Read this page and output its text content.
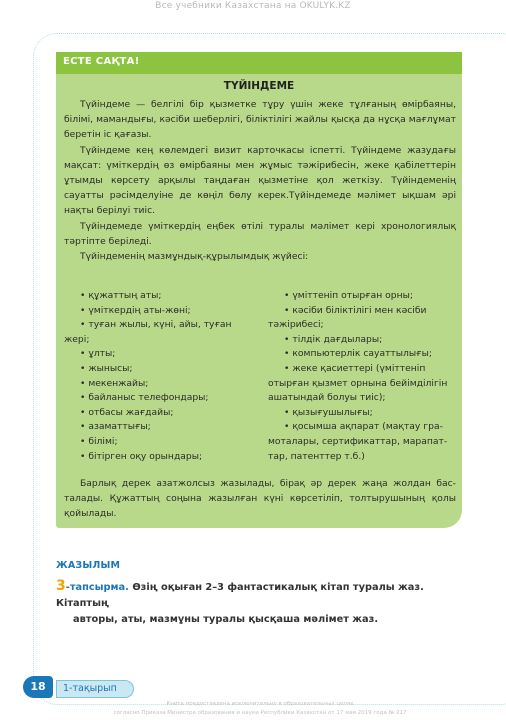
Все учебники Казахстана на OKULYK.KZ
ЕСТЕ САҚТА!
ТҮЙІНДЕМЕ

Түйіндеме — белгілі бір қызметке тұру үшін жеке тұлғаның өмірбаяны, білімі, мамандығы, кәсіби шеберлігі, біліктілігі жайлы қысқа да нұсқа мағлұмат беретін іс қағазы.

Түйіндеме кең көлемдегі визит карточкасы іспетті. Түйіндеме жазудағы мақсат: үміткердің өз өмірбаяны мен жұмыс тәжірибесін, жеке қабілеттерін ұтымды көрсету арқылы таңдаған қызметіне қол жеткізу. Түйіндеменің сауатты рәсімделуіне де көңіл бөлу керек.Түйіндемеде мәлімет ықшам әрі нақты берілуі тиіс.

Түйіндемеде үміткердің еңбек өтілі туралы мәлімет кері хронологиялық тәртіпте беріледі.

Түйіндеменің мазмұндық-құрылымдық жүйесі:

• құжаттың аты;
• үміткердің аты-жөні;
• туған жылы, күні, айы, туған
жері;
• ұлты;
• жынысы;
• мекенжайы;
• байланыс телефондары;
• отбасы жағдайы;
• азаматтығы;
• білімі;
• бітірген оқу орындары;
• үміттеніп отырған орны;
• кәсіби біліктілігі мен кәсіби
тәжірибесі;
• тілдік дағдылары;
• компьютерлік сауаттылығы;
• жеке қасиеттері (үміттеніп
отырған қызмет орнына бейімділігін
ашатындай болуы тиіс);
• қызығушылығы;
• қосымша ақпарат (мақтау гра-
моталары, сертификаттар, марапат-
тар, патенттер т.б.)

Барлық дерек азатжолсыз жазылады, бірақ әр дерек жаңа жолдан бас-талады. Құжаттың соңына жазылған күні көрсетіліп, толтырушының қолы қойылады.

ЖАЗЫЛЫМ
3-тапсырма. Өзің оқыған 2–3 фантастикалық кітап туралы жаз. Кітаптың
авторы, аты, мазмұны туралы қысқаша мәлімет жаз.
18	1-тақырып
Книга предоставлена исключительно в образовательных целях
согласно Приказа Министра образования и науки Республики Казахстан от 17 мая 2019 года № 217
